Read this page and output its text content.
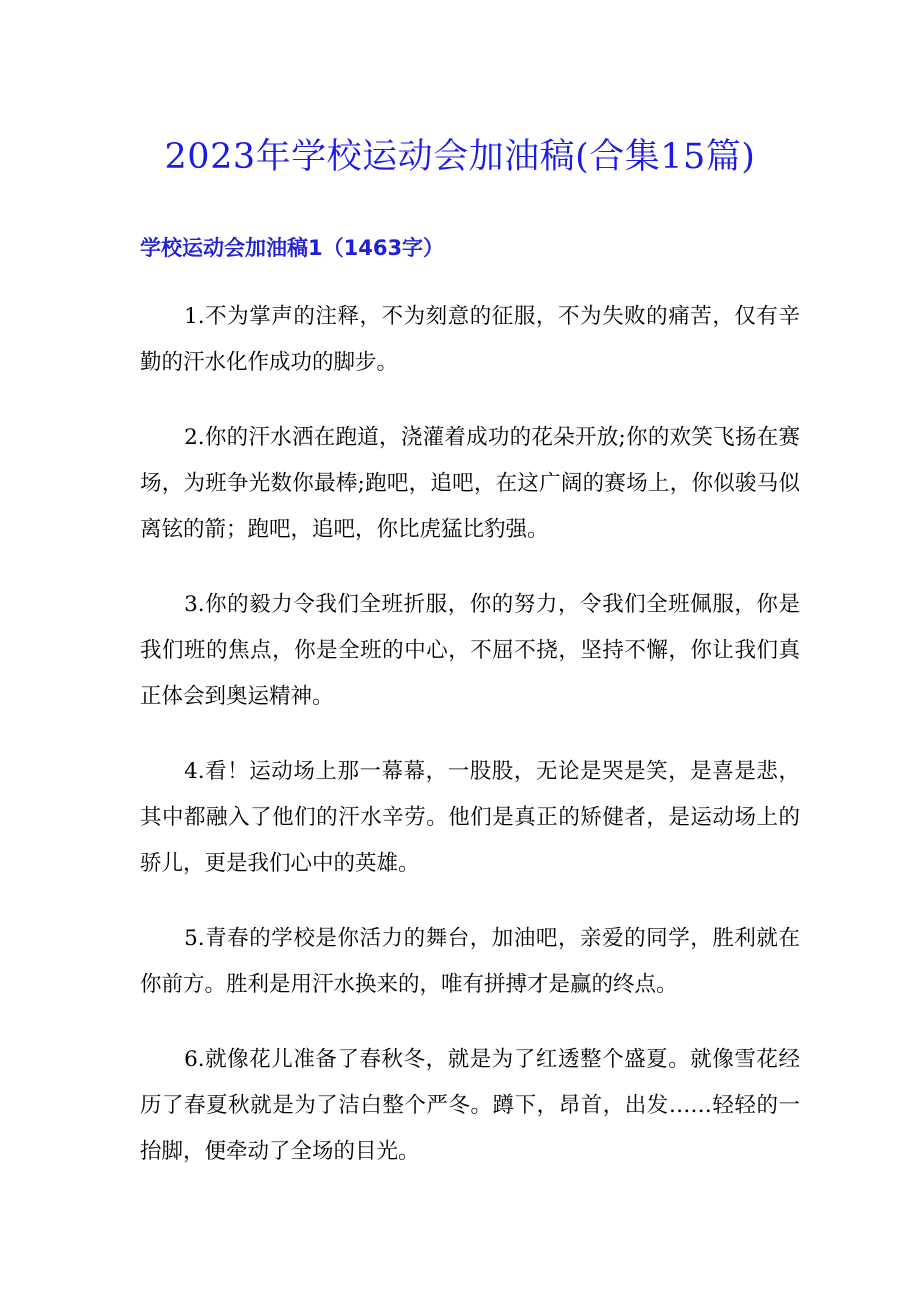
2023年学校运动会加油稿(合集15篇)
学校运动会加油稿1（1463字）

1.不为掌声的注释，不为刻意的征服，不为失败的痛苦，仅有辛勤的汗水化作成功的脚步。

2.你的汗水洒在跑道，浇灌着成功的花朵开放;你的欢笑飞扬在赛场，为班争光数你最棒;跑吧，追吧，在这广阔的赛场上，你似骏马似离铉的箭；跑吧，追吧，你比虎猛比豹强。

3.你的毅力令我们全班折服，你的努力，令我们全班佩服，你是我们班的焦点，你是全班的中心，不屈不挠，坚持不懈，你让我们真正体会到奥运精神。

4.看！运动场上那一幕幕，一股股，无论是哭是笑，是喜是悲，其中都融入了他们的汗水辛劳。他们是真正的矫健者，是运动场上的骄儿，更是我们心中的英雄。

5.青春的学校是你活力的舞台，加油吧，亲爱的同学，胜利就在你前方。胜利是用汗水换来的，唯有拼搏才是赢的终点。

6.就像花儿准备了春秋冬，就是为了红透整个盛夏。就像雪花经历了春夏秋就是为了洁白整个严冬。蹲下，昂首，出发……轻轻的一抬脚，便牵动了全场的目光。
